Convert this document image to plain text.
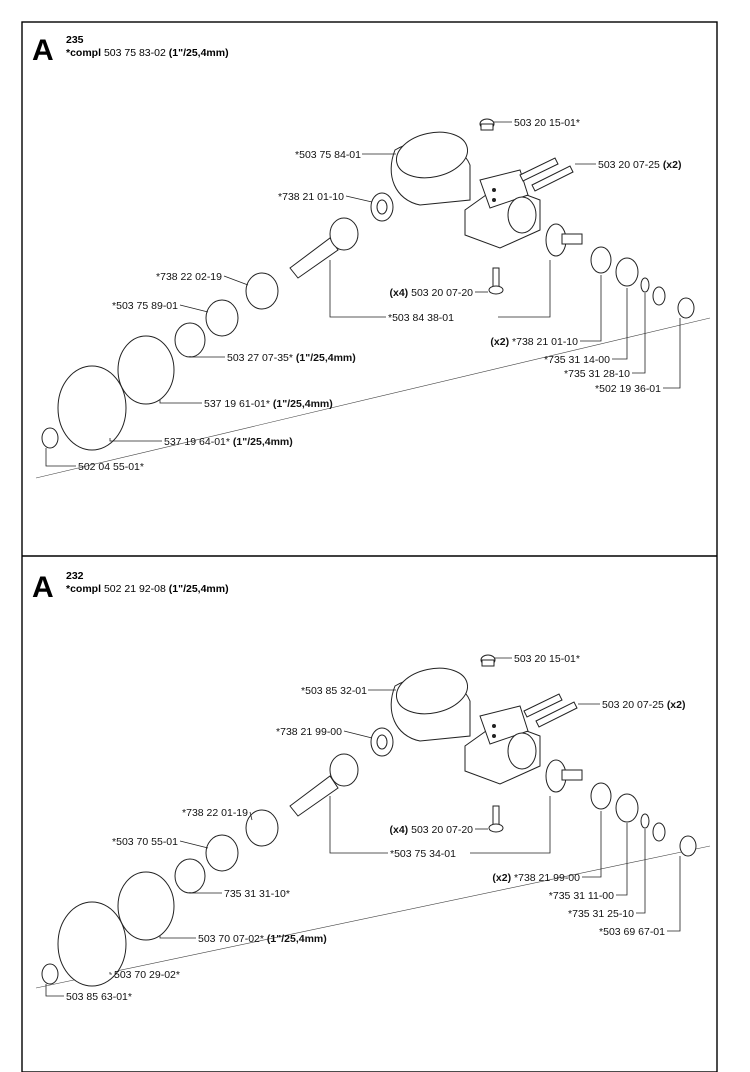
A 235
*compl 503 75 83-02 (1"/25,4mm)
503 20 15-01*
*503 75 84-01
503 20 07-25 (x2)
*738 21 01-10
*738 22 02-19
*503 75 89-01
(x4) 503 20 07-20
*503 84 38-01
(x2) *738 21 01-10
*735 31 14-00
*735 31 28-10
*502 19 36-01
503 27 07-35* (1"/25,4mm)
537 19 61-01* (1"/25,4mm)
537 19 64-01* (1"/25,4mm)
502 04 55-01*
A 232
*compl 502 21 92-08 (1"/25,4mm)
503 20 15-01*
*503 85 32-01
503 20 07-25 (x2)
*738 21 99-00
*738 22 01-19
*503 70 55-01
(x4) 503 20 07-20
*503 75 34-01
(x2) *738 21 99-00
*735 31 11-00
*735 31 25-10
*503 69 67-01
735 31 31-10*
503 70 07-02* (1"/25,4mm)
503 70 29-02*
503 85 63-01*
